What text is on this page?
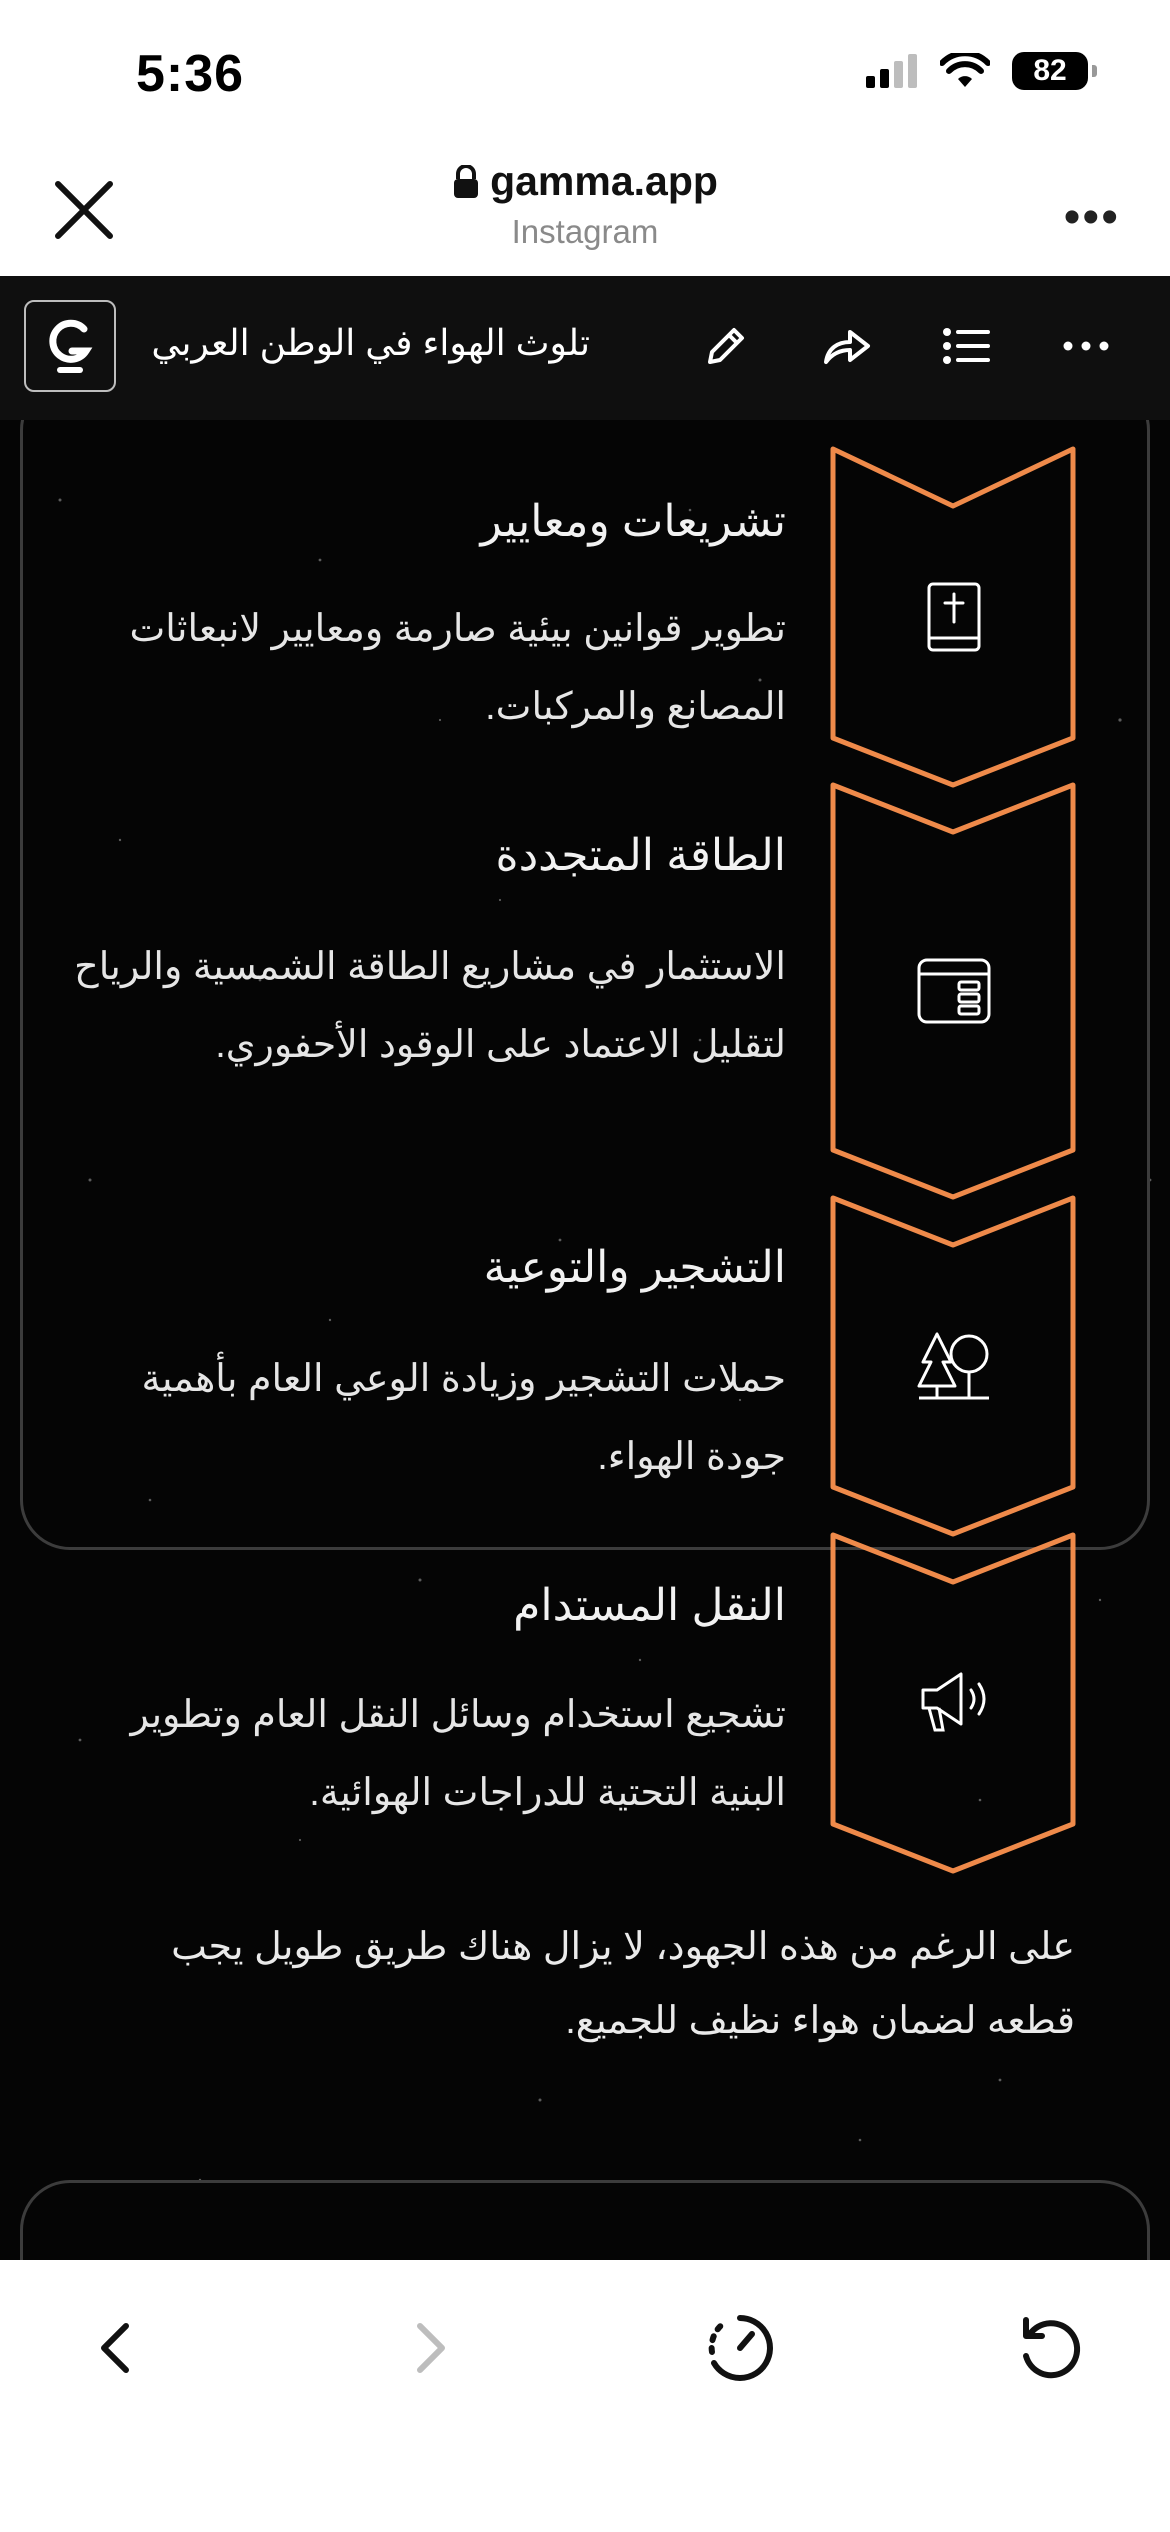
5:36	82
gamma.app
Instagram	•••
تلوث الهواء في الوطن العربي
تشريعات ومعايير
تطوير قوانين بيئية صارمة ومعايير لانبعاثات المصانع والمركبات.
الطاقة المتجددة
الاستثمار في مشاريع الطاقة الشمسية والرياح لتقليل الاعتماد على الوقود الأحفوري.
التشجير والتوعية
حملات التشجير وزيادة الوعي العام بأهمية جودة الهواء.
النقل المستدام
تشجيع استخدام وسائل النقل العام وتطوير البنية التحتية للدراجات الهوائية.
على الرغم من هذه الجهود، لا يزال هناك طريق طويل يجب قطعه لضمان هواء نظيف للجميع.
